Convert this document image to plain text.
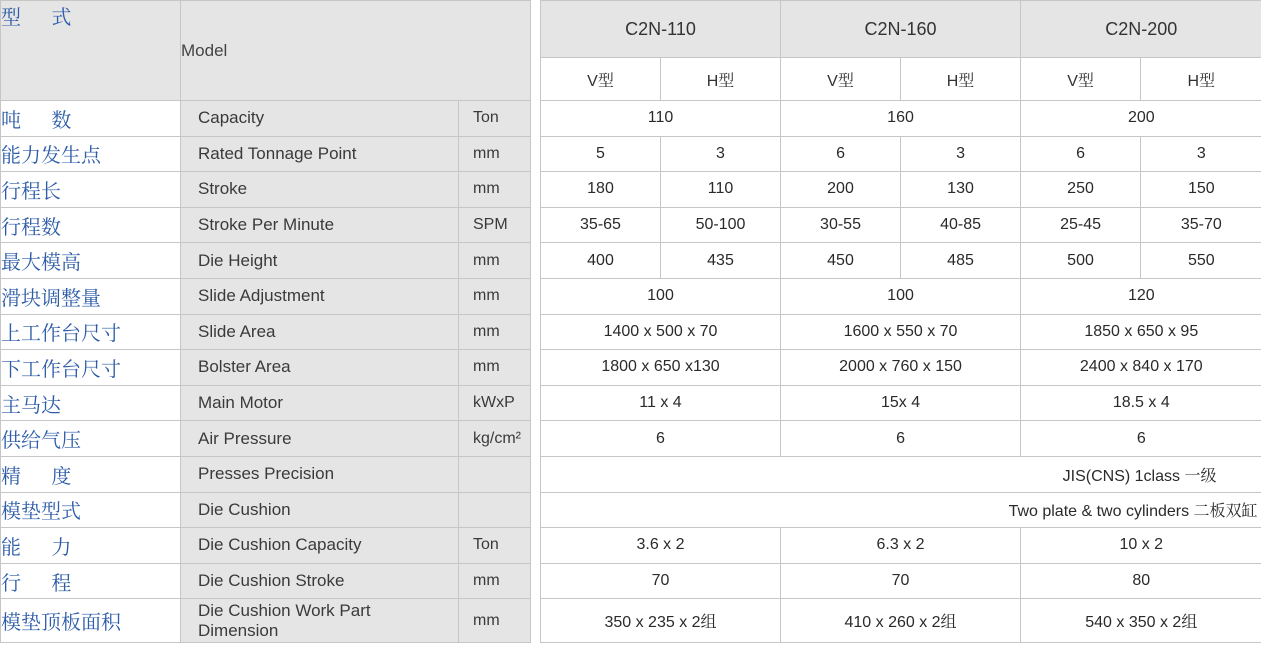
型 式	Model			C2N-110		C2N-160		C2N-200	
				V型	H型	V型	H型	V型	H型
吨 数	Capacity	Ton		110		160		200	
能力发生点	Rated Tonnage Point	mm		5	3	6	3	6	3
行程长	Stroke	mm		180	110	200	130	250	150
行程数	Stroke Per Minute	SPM		35-65	50-100	30-55	40-85	25-45	35-70
最大模高	Die Height	mm		400	435	450	485	500	550
滑块调整量	Slide Adjustment	mm		100		100		120	
上工作台尺寸	Slide Area	mm		1400 x 500 x 70		1600 x 550 x 70		1850 x 650 x 95	
下工作台尺寸	Bolster Area	mm		1800 x 650 x130		2000 x 760 x 150		2400 x 840 x 170	
主马达	Main Motor	kWxP		11 x 4		15x 4		18.5 x 4	
供给气压	Air Pressure	kg/cm²		6		6		6	
精 度	Presses Precision			JIS(CNS) 1class 一级					
模垫型式	Die Cushion			Two plate & two cylinders 二板双缸					
能 力	Die Cushion Capacity	Ton		3.6 x 2		6.3 x 2		10 x 2	
行 程	Die Cushion Stroke	mm		70		70		80	
模垫顶板面积	Die Cushion Work Part Dimension	mm		350 x 235 x 2组		410 x 260 x 2组		540 x 350 x 2组	
